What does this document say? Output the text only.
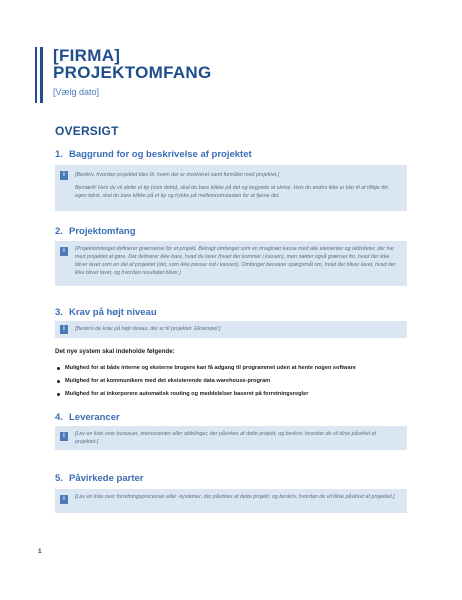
[FIRMA]
PROJEKTOMFANG
[Vælg dato]
OVERSIGT
1. Baggrund for og beskrivelse af projektet
i	[Beskriv, hvordan projektet blev til, hvem der er involveret samt formålet med projektet.]

Bemærk! Hvis du vil slette et tip (som dette), skal du bare klikke på det og begynde at skrive. Hvis du endnu ikke er klar til at tilføje din egen tekst, skal du bare klikke på et tip og trykke på mellemrumstasten for at fjerne det.

2. Projektomfang
i	[Projektomfanget definerer grænserne for et projekt. Betragt omfanget som en imaginær kasse med alle elementer og aktiviteter, der har med projektet at gøre. Det definerer ikke bare, hvad du laver (hvad der kommer i kassen), men sætter også grænser for, hvad der ikke bliver lavet som en del af projektet (det, som ikke passer ind i kassen). Omfanget besvarer spørgsmål om, hvad der bliver lavet, hvad der ikke bliver lavet, og hvordan resultatet bliver.]

3. Krav på højt niveau
i	[Beskriv de krav på højt niveau, der er til projektet. Eksempel:]

Det nye system skal indeholde følgende:
Mulighed for at både interne og eksterne brugere kan få adgang til programmet uden at hente nogen software
Mulighed for at kommunikere med det eksisterende data warehouse-program
Mulighed for at inkorporere automatisk routing og meddelelser baseret på forretningsregler
4. Leverancer
i	[Lav en liste over bureauer, interessenter eller afdelinger, der påvirkes af dette projekt, og beskriv, hvordan de vil blive påvirket af projektet.]

5. Påvirkede parter
i	[Lav en liste over forretningsprocesser eller -systemer, der påvirkes af dette projekt, og beskriv, hvordan de vil blive påvirket af projektet.]

1
